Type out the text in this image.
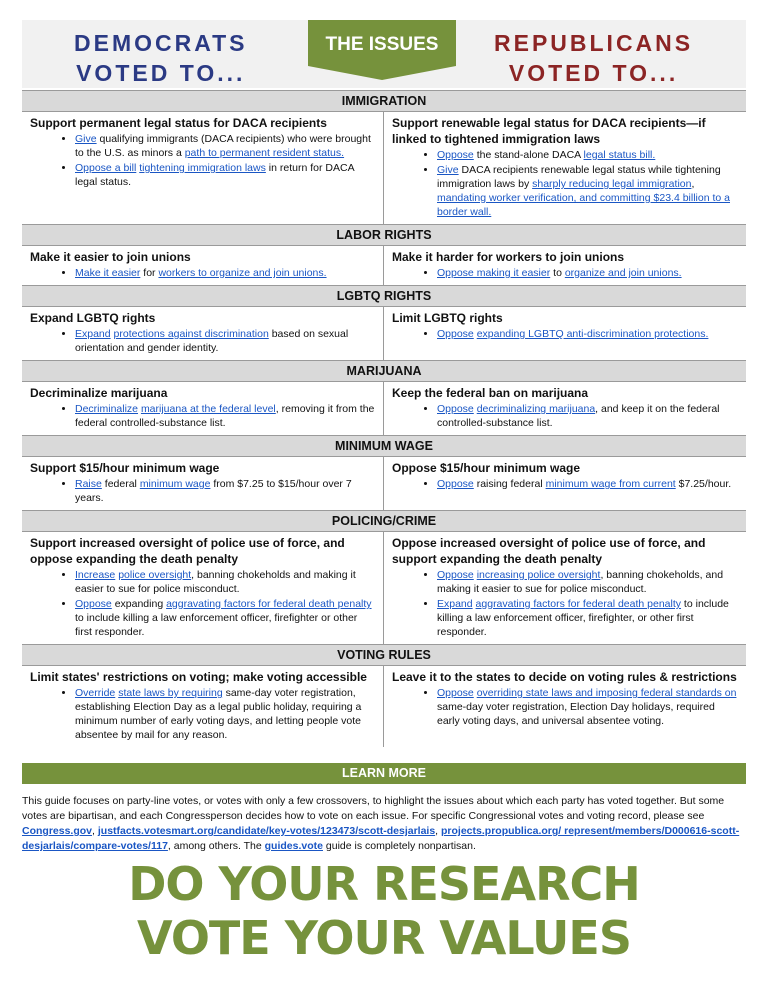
DEMOCRATS
VOTED TO...
THE ISSUES	REPUBLICANS
VOTED TO...
IMMIGRATION
Support permanent legal status for DACA recipients
• Give qualifying immigrants (DACA recipients) who were brought to the U.S. as minors a path to permanent resident status.
• Oppose a bill tightening immigration laws in return for DACA legal status.
Support renewable legal status for DACA recipients—if linked to tightened immigration laws
• Oppose the stand-alone DACA legal status bill.
• Give DACA recipients renewable legal status while tightening immigration laws by sharply reducing legal immigration, mandating worker verification, and committing $23.4 billion to a border wall.
LABOR RIGHTS
Make it easier to join unions
• Make it easier for workers to organize and join unions.
Make it harder for workers to join unions
• Oppose making it easier to organize and join unions.
LGBTQ RIGHTS
Expand LGBTQ rights
• Expand protections against discrimination based on sexual orientation and gender identity.
Limit LGBTQ rights
• Oppose expanding LGBTQ anti-discrimination protections.
MARIJUANA
Decriminalize marijuana
• Decriminalize marijuana at the federal level, removing it from the federal controlled-substance list.
Keep the federal ban on marijuana
• Oppose decriminalizing marijuana, and keep it on the federal controlled-substance list.
MINIMUM WAGE
Support $15/hour minimum wage
• Raise federal minimum wage from $7.25 to $15/hour over 7 years.
Oppose $15/hour minimum wage
• Oppose raising federal minimum wage from current $7.25/hour.
POLICING/CRIME
Support increased oversight of police use of force, and oppose expanding the death penalty
• Increase police oversight, banning chokeholds and making it easier to sue for police misconduct.
• Oppose expanding aggravating factors for federal death penalty to include killing a law enforcement officer, firefighter or other first responder.
Oppose increased oversight of police use of force, and support expanding the death penalty
• Oppose increasing police oversight, banning chokeholds, and making it easier to sue for police misconduct.
• Expand aggravating factors for federal death penalty to include killing a law enforcement officer, firefighter, or other first responder.
VOTING RULES
Limit states' restrictions on voting; make voting accessible
• Override state laws by requiring same-day voter registration, establishing Election Day as a legal public holiday, requiring a minimum number of early voting days, and letting people vote absentee by mail for any reason.
Leave it to the states to decide on voting rules & restrictions
• Oppose overriding state laws and imposing federal standards on same-day voter registration, Election Day holidays, required early voting days, and universal absentee voting.
LEARN MORE
This guide focuses on party-line votes, or votes with only a few crossovers, to highlight the issues about which each party has voted together. But some votes are bipartisan, and each Congressperson decides how to vote on each issue. For specific Congressional votes and voting record, please see Congress.gov, justfacts.votesmart.org/candidate/key-votes/123473/scott-desjarlais, projects.propublica.org/ represent/members/D000616-scott-desjarlais/compare-votes/117, among others. The guides.vote guide is completely nonpartisan.
DO YOUR RESEARCH
VOTE YOUR VALUES
